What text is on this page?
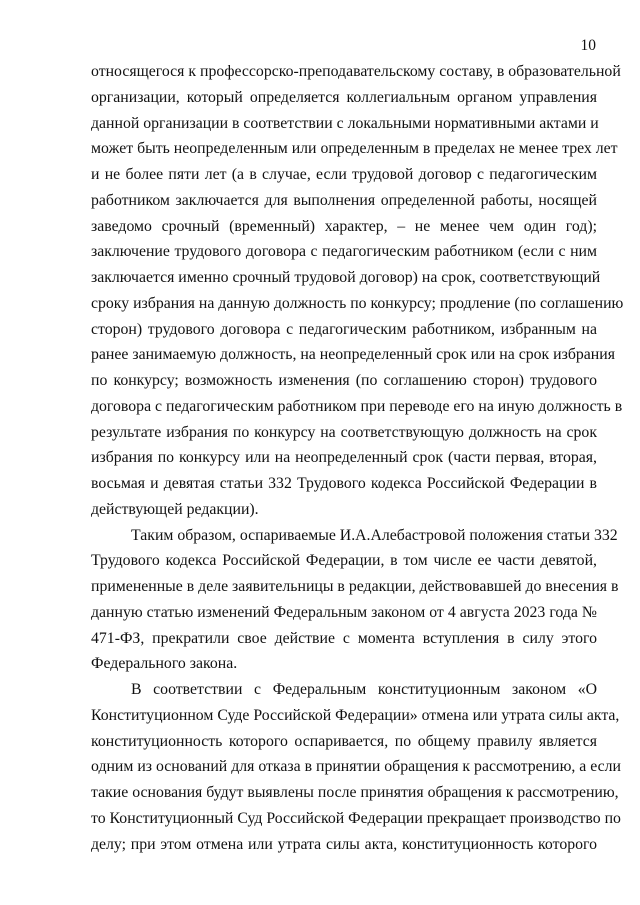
10
относящегося к профессорско-преподавательскому составу, в образовательной
организации, который определяется коллегиальным органом управления
данной организации в соответствии с локальными нормативными актами и
может быть неопределенным или определенным в пределах не менее трех лет
и не более пяти лет (а в случае, если трудовой договор с педагогическим
работником заключается для выполнения определенной работы, носящей
заведомо срочный (временный) характер, – не менее чем один год);
заключение трудового договора с педагогическим работником (если с ним
заключается именно срочный трудовой договор) на срок, соответствующий
сроку избрания на данную должность по конкурсу; продление (по соглашению
сторон) трудового договора с педагогическим работником, избранным на
ранее занимаемую должность, на неопределенный срок или на срок избрания
по конкурсу; возможность изменения (по соглашению сторон) трудового
договора с педагогическим работником при переводе его на иную должность в
результате избрания по конкурсу на соответствующую должность на срок
избрания по конкурсу или на неопределенный срок (части первая, вторая,
восьмая и девятая статьи 332 Трудового кодекса Российской Федерации в
действующей редакции).
Таким образом, оспариваемые И.А.Алебастровой положения статьи 332
Трудового кодекса Российской Федерации, в том числе ее части девятой,
примененные в деле заявительницы в редакции, действовавшей до внесения в
данную статью изменений Федеральным законом от 4 августа 2023 года №
471-ФЗ, прекратили свое действие с момента вступления в силу этого
Федерального закона.
В соответствии с Федеральным конституционным законом «О
Конституционном Суде Российской Федерации» отмена или утрата силы акта,
конституционность которого оспаривается, по общему правилу является
одним из оснований для отказа в принятии обращения к рассмотрению, а если
такие основания будут выявлены после принятия обращения к рассмотрению,
то Конституционный Суд Российской Федерации прекращает производство по
делу; при этом отмена или утрата силы акта, конституционность которого
